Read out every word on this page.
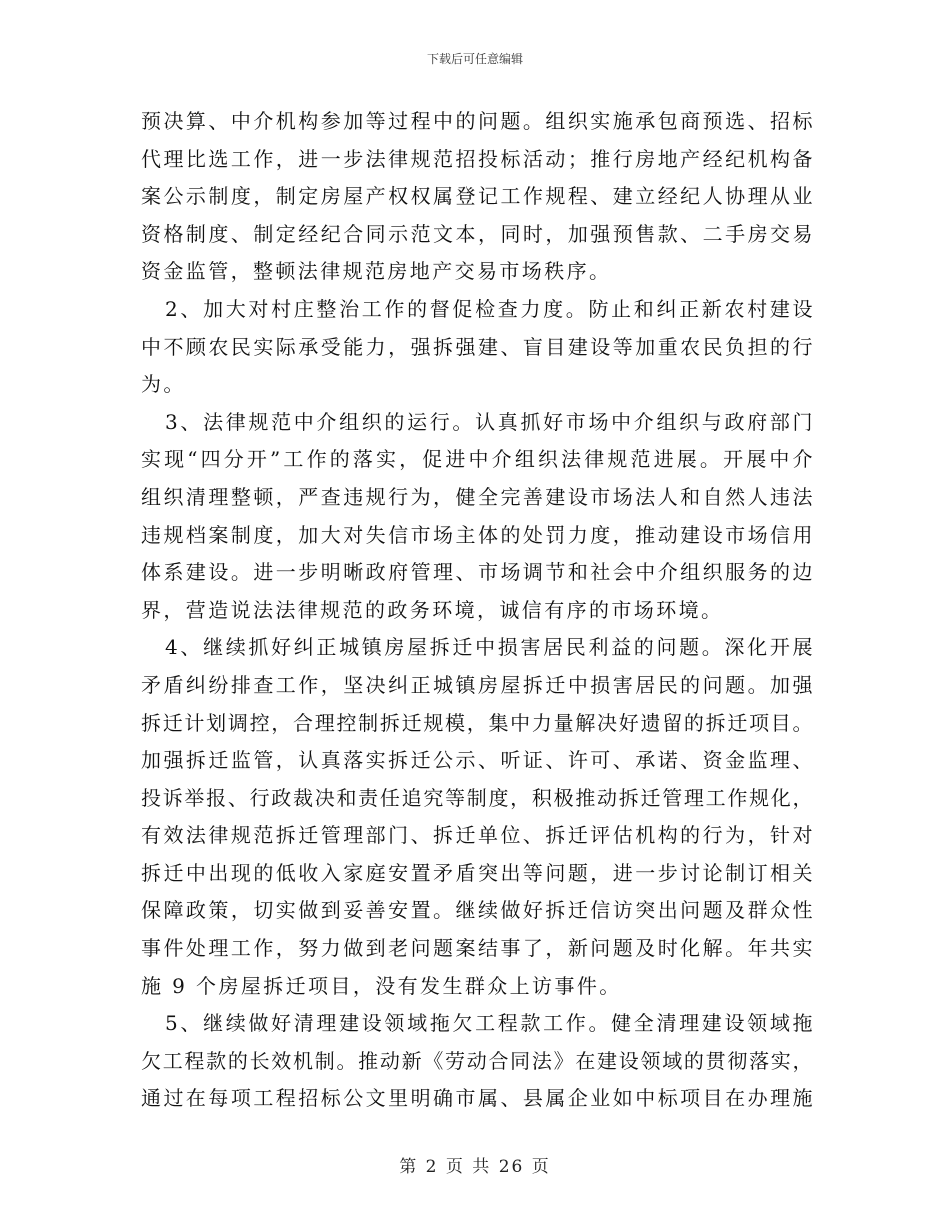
下载后可任意编辑
预决算、中介机构参加等过程中的问题。组织实施承包商预选、招标
代理比选工作，进一步法律规范招投标活动；推行房地产经纪机构备
案公示制度，制定房屋产权权属登记工作规程、建立经纪人协理从业
资格制度、制定经纪合同示范文本，同时，加强预售款、二手房交易
资金监管，整顿法律规范房地产交易市场秩序。
2、加大对村庄整治工作的督促检查力度。防止和纠正新农村建设
中不顾农民实际承受能力，强拆强建、盲目建设等加重农民负担的行
为。
3、法律规范中介组织的运行。认真抓好市场中介组织与政府部门
实现“四分开”工作的落实，促进中介组织法律规范进展。开展中介
组织清理整顿，严查违规行为，健全完善建设市场法人和自然人违法
违规档案制度，加大对失信市场主体的处罚力度，推动建设市场信用
体系建设。进一步明晰政府管理、市场调节和社会中介组织服务的边
界，营造说法法律规范的政务环境，诚信有序的市场环境。
4、继续抓好纠正城镇房屋拆迁中损害居民利益的问题。深化开展
矛盾纠纷排查工作，坚决纠正城镇房屋拆迁中损害居民的问题。加强
拆迁计划调控，合理控制拆迁规模，集中力量解决好遗留的拆迁项目。
加强拆迁监管，认真落实拆迁公示、听证、许可、承诺、资金监理、
投诉举报、行政裁决和责任追究等制度，积极推动拆迁管理工作规化，
有效法律规范拆迁管理部门、拆迁单位、拆迁评估机构的行为，针对
拆迁中出现的低收入家庭安置矛盾突出等问题，进一步讨论制订相关
保障政策，切实做到妥善安置。继续做好拆迁信访突出问题及群众性
事件处理工作，努力做到老问题案结事了，新问题及时化解。年共实
施 9 个房屋拆迁项目，没有发生群众上访事件。
5、继续做好清理建设领域拖欠工程款工作。健全清理建设领域拖
欠工程款的长效机制。推动新《劳动合同法》在建设领域的贯彻落实，
通过在每项工程招标公文里明确市属、县属企业如中标项目在办理施
第 2 页 共 26 页
